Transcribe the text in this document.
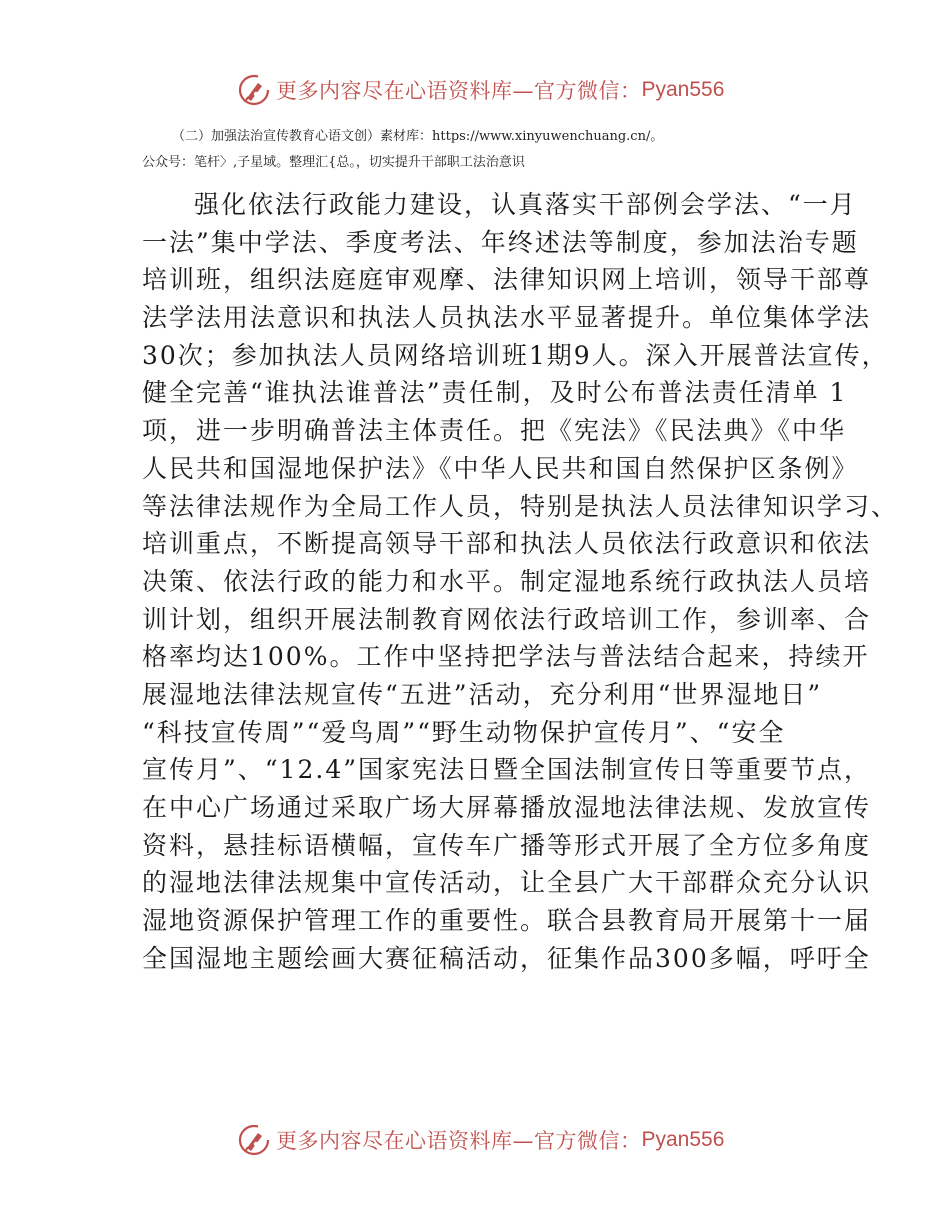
更多内容尽在心语资料库—官方微信： Pyan556
（二）加强法治宣传教育心语文创）素材库：https://www.xinyuwenchuang.cn/。
公众号：笔杆〉,子星域。整理汇{总。，切实提升干部职工法治意识
强化依法行政能力建设，认真落实干部例会学法、“一月
一法”集中学法、季度考法、年终述法等制度，参加法治专题
培训班，组织法庭庭审观摩、法律知识网上培训，领导干部尊
法学法用法意识和执法人员执法水平显著提升。单位集体学法
30次；参加执法人员网络培训班1期9人。深入开展普法宣传，
健全完善“谁执法谁普法”责任制，及时公布普法责任清单 1
项，进一步明确普法主体责任。把《宪法》《民法典》《中华
人民共和国湿地保护法》《中华人民共和国自然保护区条例》
等法律法规作为全局工作人员，特别是执法人员法律知识学习、
培训重点，不断提高领导干部和执法人员依法行政意识和依法
决策、依法行政的能力和水平。制定湿地系统行政执法人员培
训计划，组织开展法制教育网依法行政培训工作，参训率、合
格率均达100%。工作中坚持把学法与普法结合起来，持续开
展湿地法律法规宣传“五进”活动，充分利用“世界湿地日”
“科技宣传周”“爱鸟周”“野生动物保护宣传月”、“安全
宣传月”、“12.4”国家宪法日暨全国法制宣传日等重要节点，
在中心广场通过采取广场大屏幕播放湿地法律法规、发放宣传
资料，悬挂标语横幅，宣传车广播等形式开展了全方位多角度
的湿地法律法规集中宣传活动，让全县广大干部群众充分认识
湿地资源保护管理工作的重要性。联合县教育局开展第十一届
全国湿地主题绘画大赛征稿活动，征集作品300多幅，呼吁全
更多内容尽在心语资料库—官方微信： Pyan556
